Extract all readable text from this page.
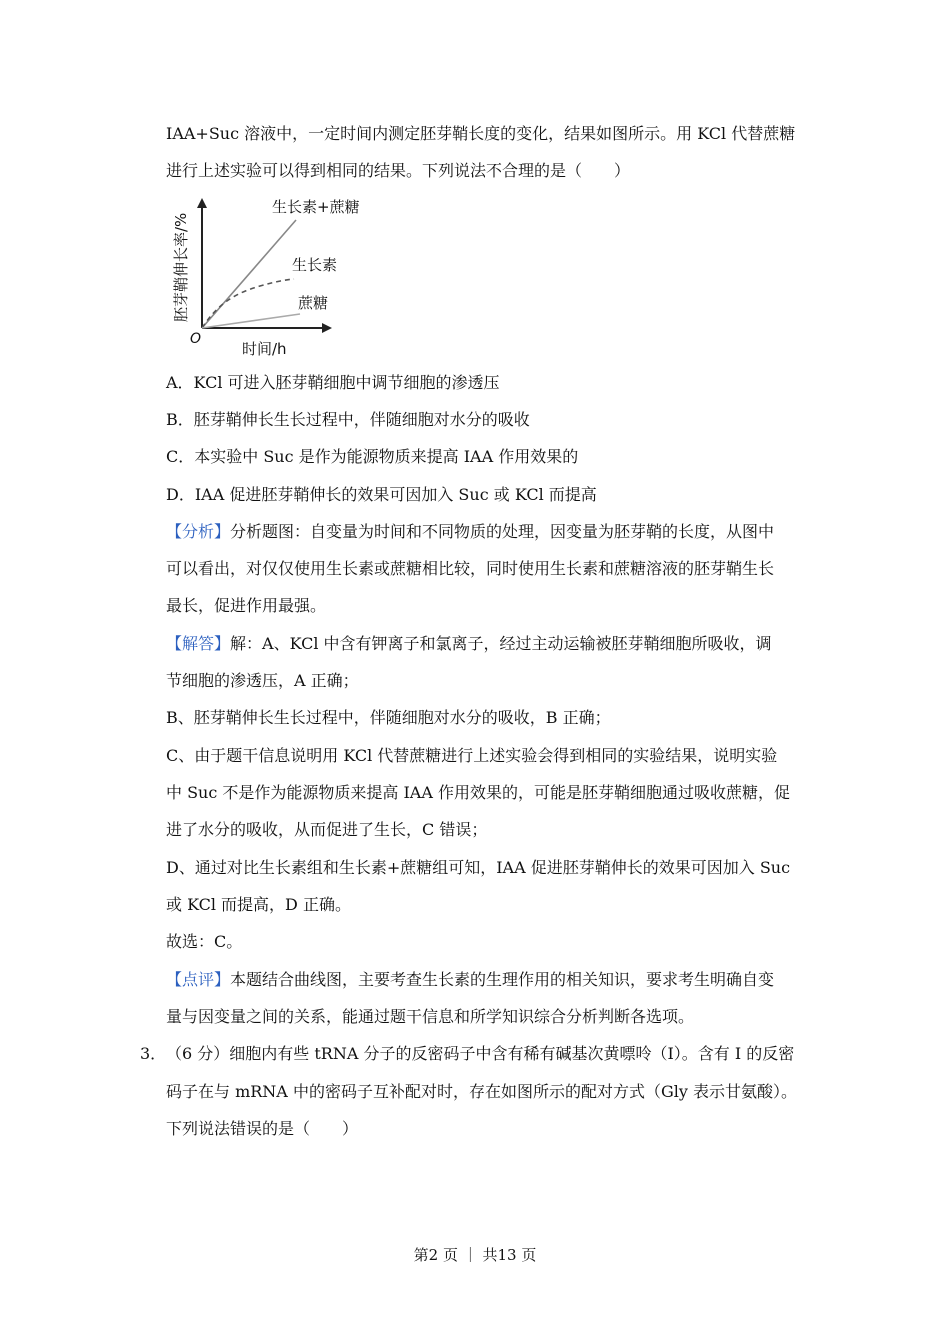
IAA+Suc 溶液中，一定时间内测定胚芽鞘长度的变化，结果如图所示。用 KCl 代替蔗糖
进行上述实验可以得到相同的结果。下列说法不合理的是（　　）
生长素+蔗糖
生长素
蔗糖
胚芽鞘伸长率/%
O
时间/h
A．KCl 可进入胚芽鞘细胞中调节细胞的渗透压
B．胚芽鞘伸长生长过程中，伴随细胞对水分的吸收
C．本实验中 Suc 是作为能源物质来提高 IAA 作用效果的
D．IAA 促进胚芽鞘伸长的效果可因加入 Suc 或 KCl 而提高
【分析】分析题图：自变量为时间和不同物质的处理，因变量为胚芽鞘的长度，从图中
可以看出，对仅仅使用生长素或蔗糖相比较，同时使用生长素和蔗糖溶液的胚芽鞘生长
最长，促进作用最强。
【解答】解：A、KCl 中含有钾离子和氯离子，经过主动运输被胚芽鞘细胞所吸收，调
节细胞的渗透压，A 正确；
B、胚芽鞘伸长生长过程中，伴随细胞对水分的吸收，B 正确；
C、由于题干信息说明用 KCl 代替蔗糖进行上述实验会得到相同的实验结果，说明实验
中 Suc 不是作为能源物质来提高 IAA 作用效果的，可能是胚芽鞘细胞通过吸收蔗糖，促
进了水分的吸收，从而促进了生长，C 错误；
D、通过对比生长素组和生长素+蔗糖组可知，IAA 促进胚芽鞘伸长的效果可因加入 Suc
或 KCl 而提高，D 正确。
故选：C。
【点评】本题结合曲线图，主要考查生长素的生理作用的相关知识，要求考生明确自变
量与因变量之间的关系，能通过题干信息和所学知识综合分析判断各选项。
3． （6 分）细胞内有些 tRNA 分子的反密码子中含有稀有碱基次黄嘌呤（I）。含有 I 的反密
码子在与 mRNA 中的密码子互补配对时，存在如图所示的配对方式（Gly 表示甘氨酸）。
下列说法错误的是（　　）
第2 页 ｜ 共13 页
